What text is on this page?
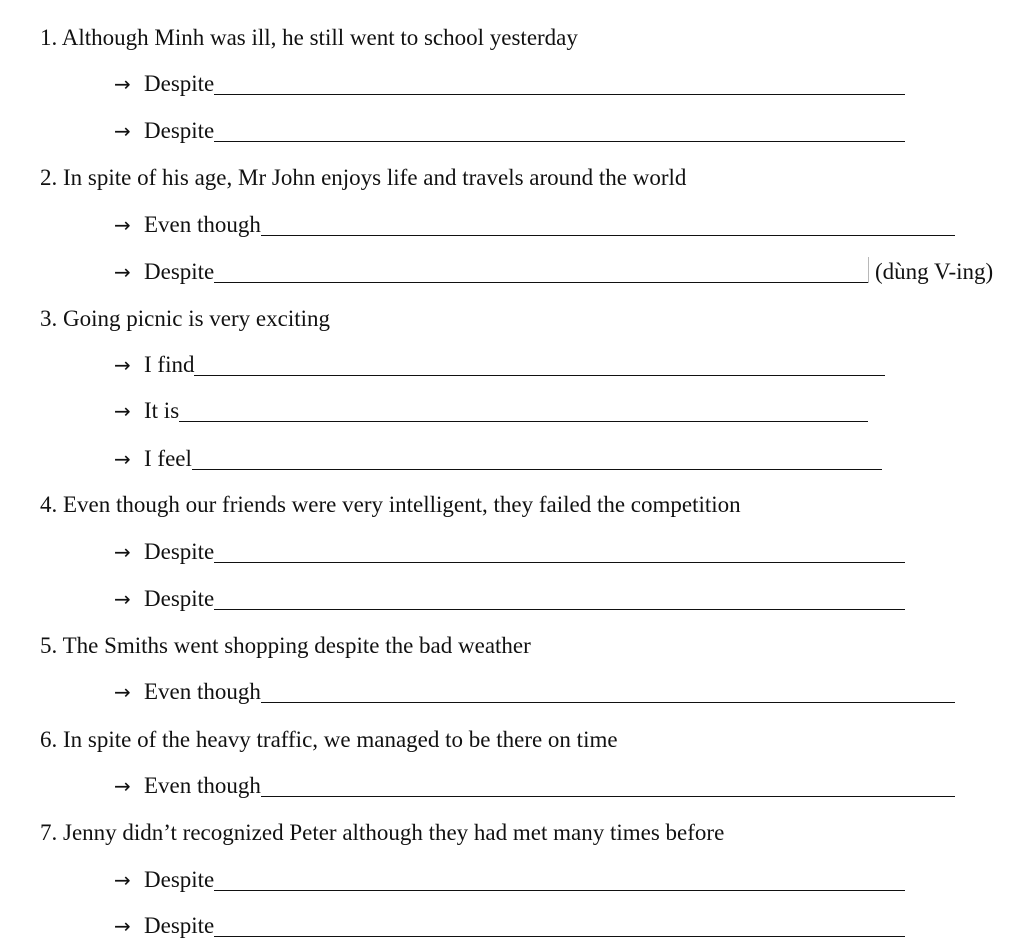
1. Although Minh was ill, he still went to school yesterday
→ Despite
→ Despite
2. In spite of his age, Mr John enjoys life and travels around the world
→ Even though
→ Despite	(dùng V-ing)
3. Going picnic is very exciting
→ I find
→ It is
→ I feel
4. Even though our friends were very intelligent, they failed the competition
→ Despite
→ Despite
5. The Smiths went shopping despite the bad weather
→ Even though
6. In spite of the heavy traffic, we managed to be there on time
→ Even though
7. Jenny didn’t recognized Peter although they had met many times before
→ Despite
→ Despite
